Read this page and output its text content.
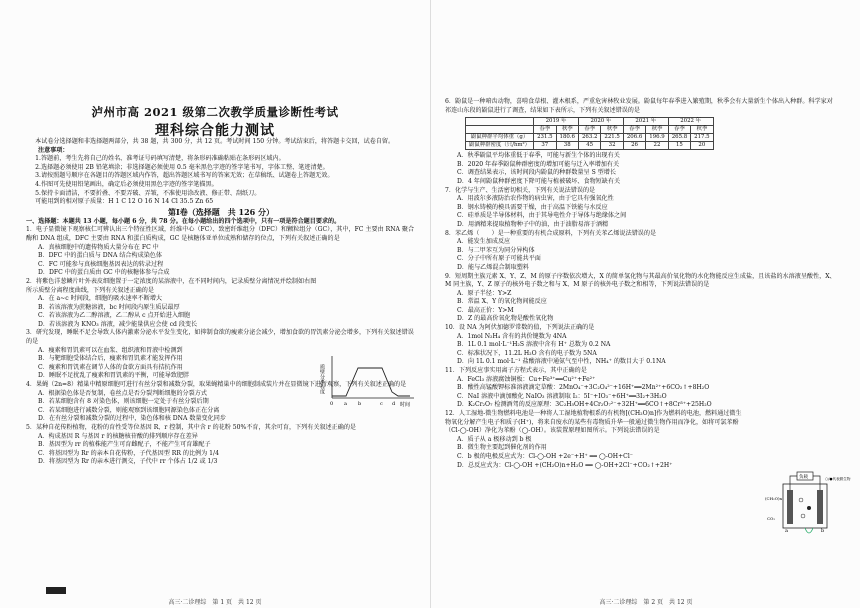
泸州市高 2021 级第二次教学质量诊断性考试
理科综合能力测试

本试卷分选择题和非选择题两部分，共 38 题，共 300 分，共 12 页。考试时间 150 分钟。考试结束后，将答题卡交回，试卷自留。

注意事项：

1.答题前，考生先将自己的姓名、准考证号码填写清楚，将条形码准确粘贴在条形码区域内。

2.选择题必须使用 2B 铅笔填涂；非选择题必须使用 0.5 毫米黑色字迹的签字笔书写，字体工整、笔迹清楚。

3.请按照题号顺序在各题目的答题区域内作答，超出答题区域书写的答案无效；在草稿纸、试题卷上答题无效。

4.作图可先使用铅笔画出，确定后必须使用黑色字迹的签字笔描黑。

5.保持卡面清洁，不要折叠、不要弄破、弄皱，不准使用涂改液、修正带、刮纸刀。

可能用到的相对原子质量：H 1 C 12 O 16 N 14 Cl 35.5 Zn 65

第Ⅰ卷（选择题　共 126 分）

一、选择题：本题共 13 小题，每小题 6 分，共 78 分。在每小题给出的四个选项中，只有一项是符合题目要求的。

1．电子显微镜下观察核仁可辨认出三个特征性区域，纤维中心（FC）、致密纤维组分（DFC）和颗粒组分（GC），其中，FC 主要由 RNA 聚合酶和 DNA 组成，DFC 主要由 RNA 和蛋白质构成，GC 是核糖体亚单位成熟和储存的位点，下列有关叙述正确的是

A．真核细胞中的遗传物质大量分布在 FC 中

B．DFC 中的蛋白质与 DNA 结合构成染色体

C．FC 可能参与真核细胞基因表达的转录过程

D．DFC 中的蛋白质由 GC 中的核糖体参与合成

2．将紫色洋葱鳞片叶外表皮细胞置于一定浓度的某溶液中，在不同时间内，记录质壁分离情况并绘制如右图所示质壁分离程度曲线，下列有关叙述正确的是

A．在 a~c 时间段，细胞的吸水速率不断增大

B．若该溶液为蔗糖溶液，bc 时间段内原生质层最厚

C．若该溶液为乙二醇溶液，乙二醇从 c 点开始进入细胞

D．若该溶液为 KNO₃ 溶液，减少能量供应会使 cd 段变长

3．研究发现，睡眠不足会导致人体内激素分泌水平发生变化，如抑制食欲的瘦素分泌会减少，增加食欲的胃饥素分泌会增多，下列有关叙述错误的是

A．瘦素和胃饥素可以在血浆、组织液和胃液中检测到

B．与靶细胞受体结合后，瘦素和胃饥素才能发挥作用

C．瘦素和胃饥素在调节人体的食欲方面具有拮抗作用

D．睡眠不足扰乱了瘦素和胃饥素的平衡，可能导致肥胖

4．果蝇（2n=8）精巢中精原细胞可进行有丝分裂和减数分裂，取果蝇精巢中的细胞制成装片并在显微镜下进行观察，下列有关叙述正确的是

A．根据染色体是否复制，卷丝点是否分裂判断细胞的分裂方式

B．若某细胞含有 8 对染色体，则该细胞一定处于有丝分裂后期

C．若某细胞进行减数分裂，则能观察到该细胞同源染色体正在分离

D．在有丝分裂和减数分裂的过程中，染色体和核 DNA 数量变化同步

5．某种自花传粉植物，花粉的育性受等位基因 R、r 控制，其中含 r 的花粉 50%不育，其余可育，下列有关叙述正确的是

A．构成基因 R 与基因 r 的核糖核苷酸的排列顺序存在差异

B．基因型为 rr 的植株能产生可育雌配子，不能产生可育雄配子

C．将基因型为 Rr 的亲本自花传粉，子代基因型 RR 的比例为 1/4

D．将基因型为 Rr 的亲本进行测交，子代中 rr 个体占 1/2 或 1/3

质壁分离程度
时间
0 a b	c d
高三·二诊理综　第 1 页　共 12 页

6．鼢鼠是一种喑齿动物，喜啃食草根、灌木根系，严重危害林牧业发展。鼢鼠每年春季进入繁殖期，秋季会有大量新生个体出入种群。科学家对祁连山东段的鼢鼠进行了调查，结果如下表所示，下列有关叙述错误的是

	2019 年		2020 年		2021 年		2022 年	
	春季	秋季	春季	秋季	春季	秋季	春季	秋季
鼢鼠种群平均体重（g）	231.5	180.6	263.2	221.5	206.6	196.9	265.8	217.5
鼢鼠种群密度（只/hm²）	37	38	45	32	26	22	15	20

A．秋季鼢鼠平均体重低于春季，可能与新生个体的出现有关

B．2020 年春季鼢鼠种群密度的增加可能与迁入率增加有关

C．调查结果表示，该时间段内鼢鼠的种群数量呈 S 型增长

D．4 年间鼢鼠种群密度下降可能与植被破坏、食物短缺有关

7．化学与生产、生活密切相关，下列有关说法错误的是

A．用波尔多液防治农作物的病虫害，由于它具有强氧化性

B．钢水铸模的模具需要干燥，由于高温下铁能与水反应

C．硅单质是半导体材料，由于其导电性介于导体与绝缘体之间

D．用酒精来提取植物种子中的油，由于油脂易溶于酒精

8．苯乙烯（　　）是一种重要的有机合成原料，下列有关苯乙烯说法错误的是

A．能发生加成反应

B．与二甲苯互为同分异构体

C．分子中所有原子可能共平面

D．能与乙烯混合制取塑料

9．短周期主族元素 X、Y、Z、M 的原子序数依次增大，X 的简单氢化物与其最高价氧化物的水化物能反应生成盐，且该盐的水溶液呈酸性，X、M 同主族，Y、Z 原子的核外电子数之和与 X、M 原子的核外电子数之和相等，下列说法错误的是

A．原子半径：Y>Z

B．常温 X、Y 的氧化物间能反应

C．最高正价：Y>M

D．Z 的最高价氧化物是酸性氧化物

10．设 NA 为阿伏加德罗常数的值，下列说法正确的是

A．1mol N₂H₄ 含有的共价键数为 4NA

B．1L 0.1 mol·L⁻¹H₂S 溶液中含有 H⁺ 总数为 0.2 NA

C．标准状况下，11.2L H₂O 含有的电子数为 5NA

D．向 1L 0.1 mol·L⁻¹ 盐酸溶液中通氨气至中性，NH₄⁺ 的数目大于 0.1NA

11．下列反应事实用离子方程式表示，其中正确的是

A．FeCl₃ 溶液腐蚀铜板：Cu+Fe³⁺══Cu²⁺+Fe²⁺

B．酸性高锰酸钾标准溶液滴定草酸：2MnO₄⁻+3C₂O₄²⁻+16H⁺══2Mn²⁺+6CO₂↑+8H₂O

C．NaI 溶液中滴加酸化 NaIO₃ 溶液制取 I₂：5I⁻+IO₃⁻+6H⁺══3I₂+3H₂O

D．K₂Cr₂O₇ 检测酒驾的反应原理：3C₂H₅OH+4Cr₂O₇²⁻+32H⁺══6CO↑+8Cr³⁺+25H₂O

12．人工湿地-微生物燃料电池是一种将人工湿地植物根系的有机物[(CH₂O)n]作为燃料的电池，燃料通过微生物氧化分解产生电子和质子(H⁺)，将来自废水的某些有毒物质升华一般通过微生物作用而净化，如将可氯苯酚（Cl-◯-OH）净化为苯酚（◯-OH）。该装置原理如图所示。下列说法错误的是

A．质子从 a 极移动到 b 极

B．微生物主要起到催化剂的作用

C．b 极的电极反应式为：Cl-◯-OH +2e⁻+H⁺ ══ ◯-OH+Cl⁻

D．总反应式为：Cl-◯-OH +(CH₂O)n+H₂O ══ ◯-OH+2Cl⁻+CO₂↑+2H⁺

负载
a	b
(CH₂O)n
CO₂
○/●代表微生物
高三·二诊理综　第 2 页　共 12 页
